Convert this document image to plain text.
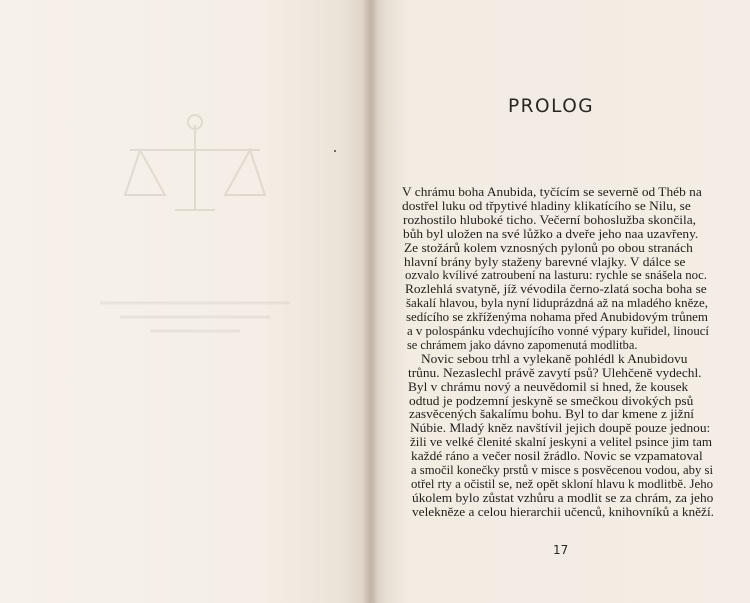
PROLOG
V chrámu boha Anubida, tyčícím se severně od Théb na
dostřel luku od třpytivé hladiny klikatícího se Nilu, se
rozhostilo hluboké ticho. Večerní bohoslužba skončila,
bůh byl uložen na své lůžko a dveře jeho naa uzavřeny.
Ze stožárů kolem vznosných pylonů po obou stranách
hlavní brány byly staženy barevné vlajky. V dálce se
ozvalo kvílivé zatroubení na lasturu: rychle se snášela noc.
Rozlehlá svatyně, jíž vévodila černo-zlatá socha boha se
šakalí hlavou, byla nyní liduprázdná až na mladého kněze,
sedícího se zkříženýma nohama před Anubidovým trůnem
a v polospánku vdechujícího vonné výpary kuřidel, linoucí
se chrámem jako dávno zapomenutá modlitba.
Novic sebou trhl a vylekaně pohlédl k Anubidovu
trůnu. Nezaslechl právě zavytí psů? Ulehčeně vydechl.
Byl v chrámu nový a neuvědomil si hned, že kousek
odtud je podzemní jeskyně se smečkou divokých psů
zasvěcených šakalímu bohu. Byl to dar kmene z jižní
Núbie. Mladý kněz navštívil jejich doupě pouze jednou:
žili ve velké členité skalní jeskyni a velitel psince jim tam
každé ráno a večer nosil žrádlo. Novic se vzpamatoval
a smočil konečky prstů v misce s posvěcenou vodou, aby si
otřel rty a očistil se, než opět skloní hlavu k modlitbě. Jeho
úkolem bylo zůstat vzhůru a modlit se za chrám, za jeho
velekněze a celou hierarchii učenců, knihovníků a kněží.
17
